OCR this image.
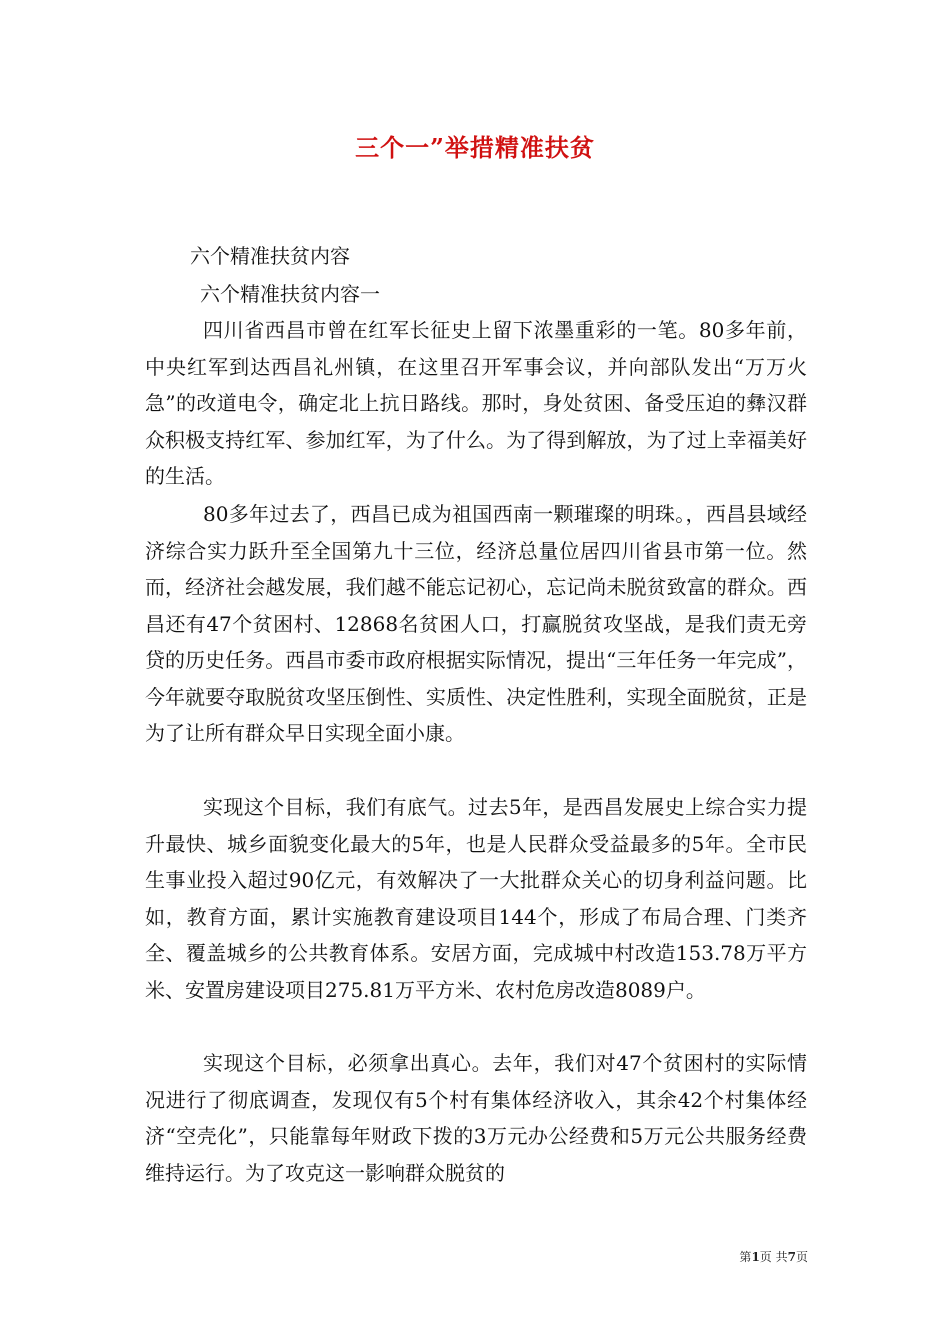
三个一”举措精准扶贫
六个精准扶贫内容
六个精准扶贫内容一

四川省西昌市曾在红军长征史上留下浓墨重彩的一笔。80多年前，中央红军到达西昌礼州镇，在这里召开军事会议，并向部队发出“万万火急”的改道电令，确定北上抗日路线。那时，身处贫困、备受压迫的彝汉群众积极支持红军、参加红军，为了什么。为了得到解放，为了过上幸福美好的生活。

80多年过去了，西昌已成为祖国西南一颗璀璨的明珠。，西昌县域经济综合实力跃升至全国第九十三位，经济总量位居四川省县市第一位。然而，经济社会越发展，我们越不能忘记初心，忘记尚未脱贫致富的群众。西昌还有47个贫困村、12868名贫困人口，打赢脱贫攻坚战，是我们责无旁贷的历史任务。西昌市委市政府根据实际情况，提出“三年任务一年完成”，今年就要夺取脱贫攻坚压倒性、实质性、决定性胜利，实现全面脱贫，正是为了让所有群众早日实现全面小康。

实现这个目标，我们有底气。过去5年，是西昌发展史上综合实力提升最快、城乡面貌变化最大的5年，也是人民群众受益最多的5年。全市民生事业投入超过90亿元，有效解决了一大批群众关心的切身利益问题。比如，教育方面，累计实施教育建设项目144个，形成了布局合理、门类齐全、覆盖城乡的公共教育体系。安居方面，完成城中村改造153.78万平方米、安置房建设项目275.81万平方米、农村危房改造8089户。

实现这个目标，必须拿出真心。去年，我们对47个贫困村的实际情况进行了彻底调查，发现仅有5个村有集体经济收入，其余42个村集体经济“空壳化”，只能靠每年财政下拨的3万元办公经费和5万元公共服务经费维持运行。为了攻克这一影响群众脱贫的

第1页 共7页
